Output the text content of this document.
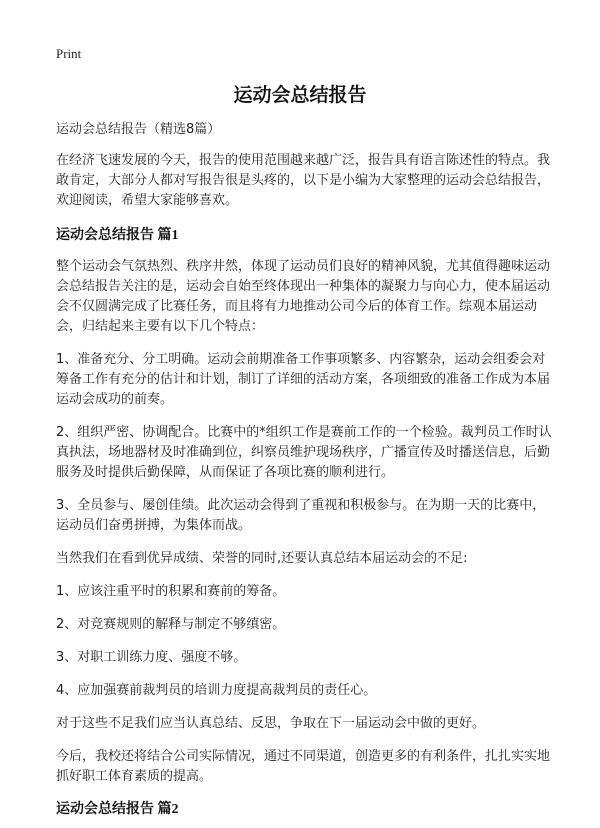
Print
运动会总结报告

运动会总结报告（精选8篇）

在经济飞速发展的今天，报告的使用范围越来越广泛，报告具有语言陈述性的特点。我敢肯定，大部分人都对写报告很是头疼的，以下是小编为大家整理的运动会总结报告，欢迎阅读，希望大家能够喜欢。

运动会总结报告 篇1

整个运动会气氛热烈、秩序井然，体现了运动员们良好的精神风貌，尤其值得趣味运动会总结报告关注的是，运动会自始至终体现出一种集体的凝聚力与向心力，使本届运动会不仅圆满完成了比赛任务，而且将有力地推动公司今后的体育工作。综观本届运动会，归结起来主要有以下几个特点：

1、准备充分、分工明确。运动会前期准备工作事项繁多、内容繁杂，运动会组委会对筹备工作有充分的估计和计划，制订了详细的活动方案，各项细致的准备工作成为本届运动会成功的前奏。

2、组织严密、协调配合。比赛中的*组织工作是赛前工作的一个检验。裁判员工作时认真执法，场地器材及时准确到位，纠察员维护现场秩序，广播宣传及时播送信息，后勤服务及时提供后勤保障，从而保证了各项比赛的顺利进行。

3、全员参与、屡创佳绩。此次运动会得到了重视和积极参与。在为期一天的比赛中，运动员们奋勇拼搏，为集体而战。

当然我们在看到优异成绩、荣誉的同时,还要认真总结本届运动会的不足:

1、应该注重平时的积累和赛前的筹备。

2、对竞赛规则的解释与制定不够缜密。

3、对职工训练力度、强度不够。

4、应加强赛前裁判员的培训力度提高裁判员的责任心。

对于这些不足我们应当认真总结、反思，争取在下一届运动会中做的更好。

今后，我校还将结合公司实际情况，通过不同渠道，创造更多的有利条件，扎扎实实地抓好职工体育素质的提高。

运动会总结报告 篇2
